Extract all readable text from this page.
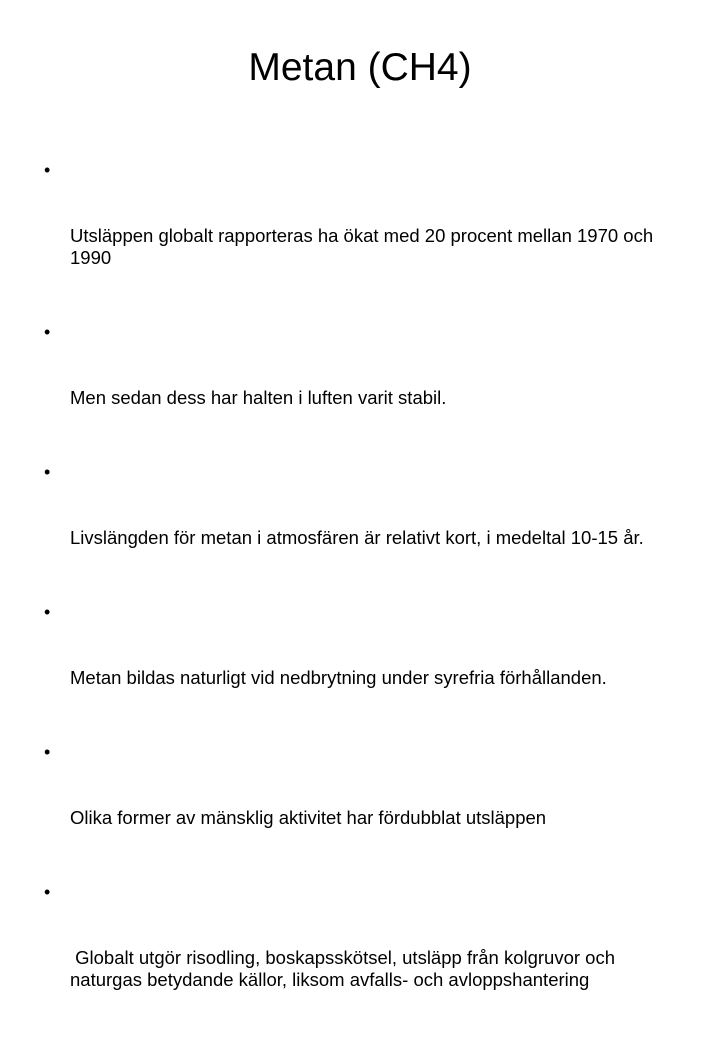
Metan (CH4)

•

Utsläppen globalt rapporteras ha ökat med 20 procent mellan 1970 och 1990

•

Men sedan dess har halten i luften varit stabil.

•

Livslängden för metan i atmosfären är relativt kort, i medeltal 10-15 år.

•

Metan bildas naturligt vid nedbrytning under syrefria förhållanden.

•

Olika former av mänsklig aktivitet har fördubblat utsläppen

•

Globalt utgör risodling, boskapsskötsel, utsläpp från kolgruvor och naturgas betydande källor, liksom avfalls- och avloppshantering
